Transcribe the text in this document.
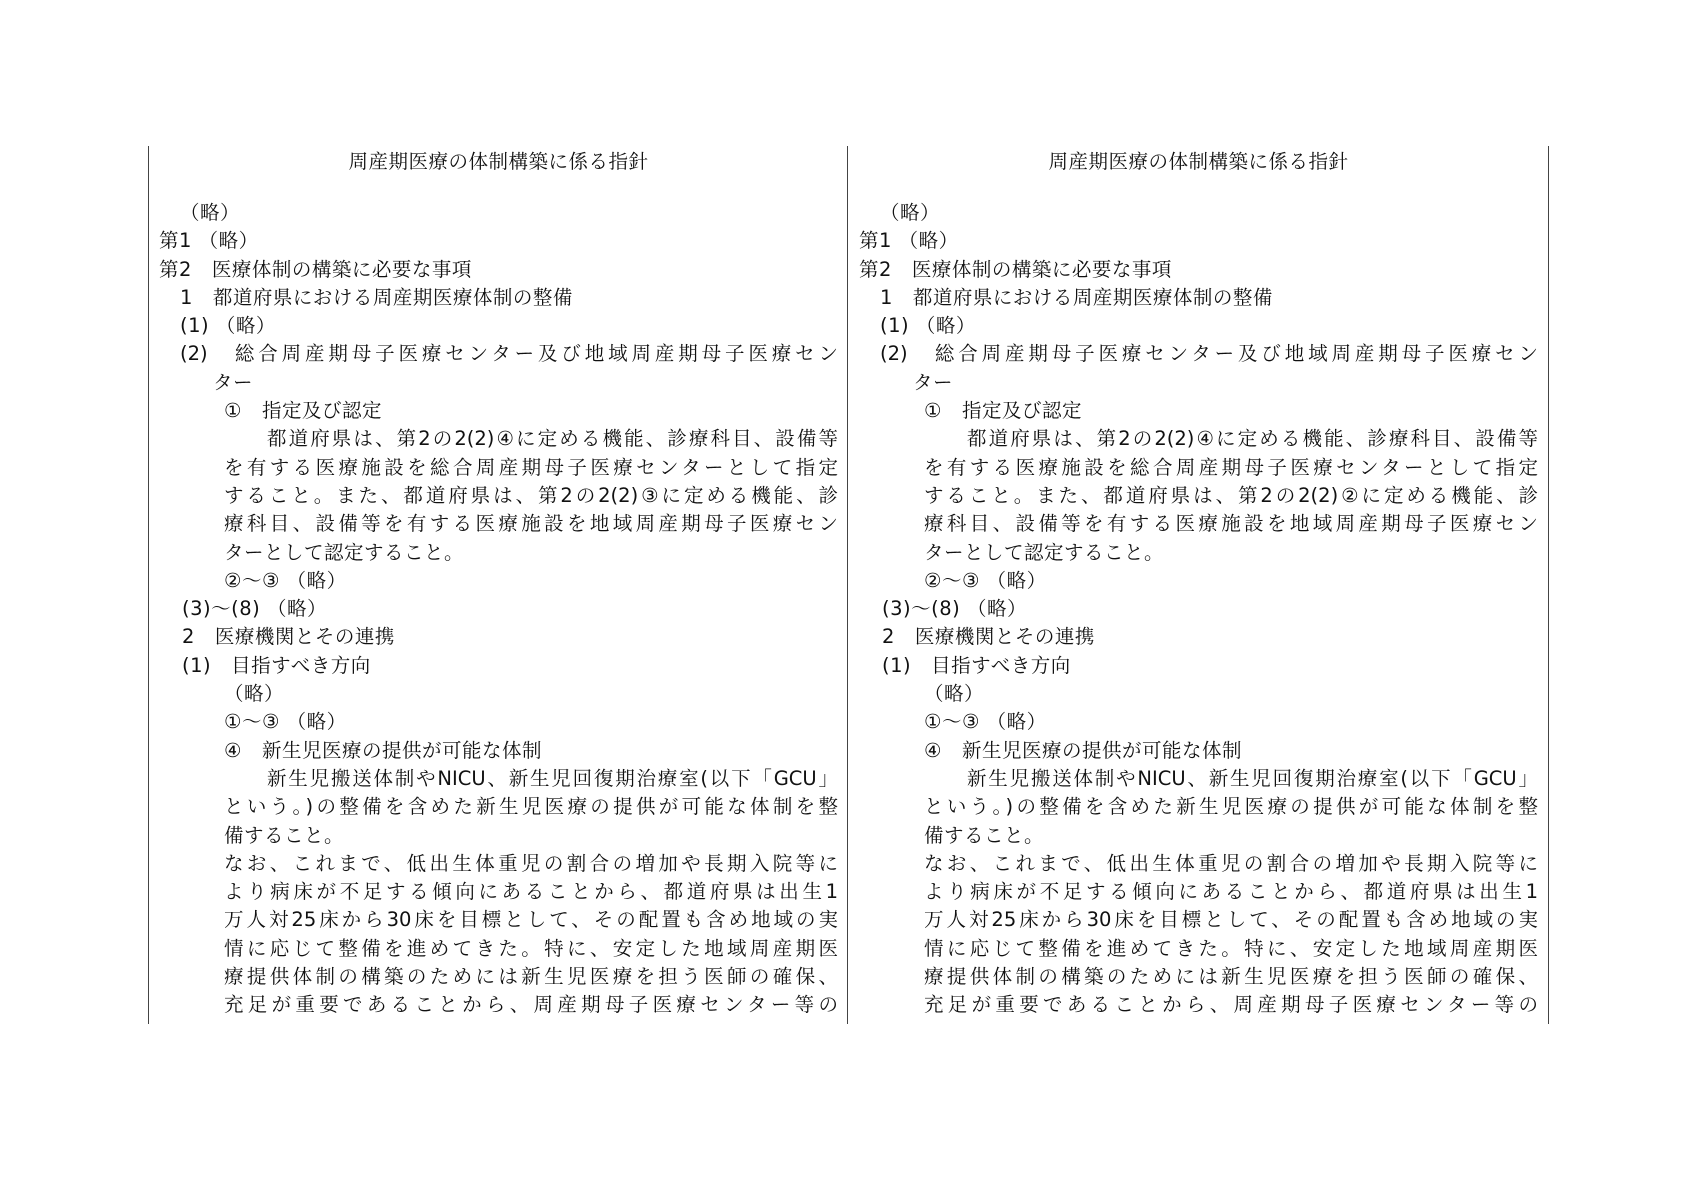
周産期医療の体制構築に係る指針
（略）
第1 （略）
第2　医療体制の構築に必要な事項
1　都道府県における周産期医療体制の整備
(1) （略）
(2)　総合周産期母子医療センター及び地域周産期母子医療セン
ター
①　指定及び認定
都道府県は、第2の2(2)④に定める機能、診療科目、設備等
を有する医療施設を総合周産期母子医療センターとして指定
すること。また、都道府県は、第2の2(2)③に定める機能、診
療科目、設備等を有する医療施設を地域周産期母子医療セン
ターとして認定すること。
②～③ （略）
(3)～(8) （略）
2　医療機関とその連携
(1)　目指すべき方向
（略）
①～③ （略）
④　新生児医療の提供が可能な体制
新生児搬送体制やNICU、新生児回復期治療室(以下「GCU」
という。)の整備を含めた新生児医療の提供が可能な体制を整
備すること。
なお、これまで、低出生体重児の割合の増加や長期入院等に
より病床が不足する傾向にあることから、都道府県は出生1
万人対25床から30床を目標として、その配置も含め地域の実
情に応じて整備を進めてきた。特に、安定した地域周産期医
療提供体制の構築のためには新生児医療を担う医師の確保、
充足が重要であることから、周産期母子医療センター等の
周産期医療の体制構築に係る指針
（略）
第1 （略）
第2　医療体制の構築に必要な事項
1　都道府県における周産期医療体制の整備
(1) （略）
(2)　総合周産期母子医療センター及び地域周産期母子医療セン
ター
①　指定及び認定
都道府県は、第2の2(2)④に定める機能、診療科目、設備等
を有する医療施設を総合周産期母子医療センターとして指定
すること。また、都道府県は、第2の2(2)②に定める機能、診
療科目、設備等を有する医療施設を地域周産期母子医療セン
ターとして認定すること。
②～③ （略）
(3)～(8) （略）
2　医療機関とその連携
(1)　目指すべき方向
（略）
①～③ （略）
④　新生児医療の提供が可能な体制
新生児搬送体制やNICU、新生児回復期治療室(以下「GCU」
という。)の整備を含めた新生児医療の提供が可能な体制を整
備すること。
なお、これまで、低出生体重児の割合の増加や長期入院等に
より病床が不足する傾向にあることから、都道府県は出生1
万人対25床から30床を目標として、その配置も含め地域の実
情に応じて整備を進めてきた。特に、安定した地域周産期医
療提供体制の構築のためには新生児医療を担う医師の確保、
充足が重要であることから、周産期母子医療センター等の
